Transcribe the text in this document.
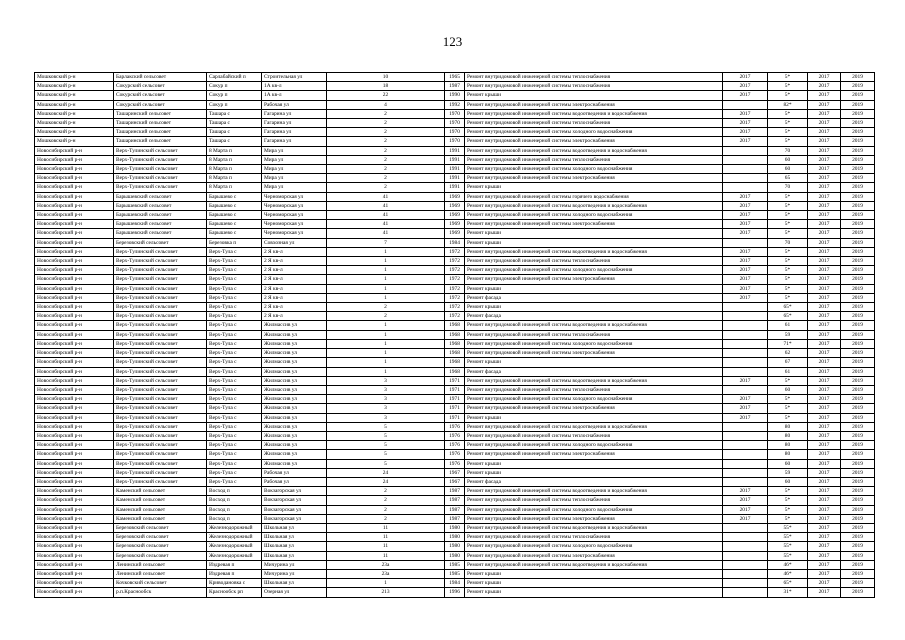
123
Мошковский р-н	Барлакский сельсовет	Сарлабайский п	Строительная ул	10	1965	Ремонт внутридомовой инженерной системы теплоснабжения	2017	5*	2017	2019
Мошковский р-н	Сокурский сельсовет	Сокур п	1А кв-л	18	1987	Ремонт внутридомовой инженерной системы теплоснабжения	2017	5*	2017	2019
Мошковский р-н	Сокурский сельсовет	Сокур п	1А кв-л	22	1990	Ремонт крыши	2017	5*	2017	2019
Мошковский р-н	Сокурский сельсовет	Сокур п	Рабочая ул	4	1992	Ремонт внутридомовой инженерной системы электроснабжения		82*	2017	2019
Мошковский р-н	Ташаринский сельсовет	Ташара с	Гагарина ул	2	1970	Ремонт внутридомовой инженерной системы водоотведения и водоснабжения	2017	5*	2017	2019
Мошковский р-н	Ташаринский сельсовет	Ташара с	Гагарина ул	2	1970	Ремонт внутридомовой инженерной системы теплоснабжения	2017	5*	2017	2019
Мошковский р-н	Ташаринский сельсовет	Ташара с	Гагарина ул	2	1970	Ремонт внутридомовой инженерной системы холодного водоснабжения	2017	5*	2017	2019
Мошковский р-н	Ташаринский сельсовет	Ташара с	Гагарина ул	2	1970	Ремонт внутридомовой инженерной системы электроснабжения	2017	5*	2017	2019
Новосибирский р-н	Верх-Тулинский сельсовет	8 Марта п	Мира ул	2	1991	Ремонт внутридомовой инженерной системы водоотведения и водоснабжения		70	2017	2019
Новосибирский р-н	Верх-Тулинский сельсовет	8 Марта п	Мира ул	2	1991	Ремонт внутридомовой инженерной системы теплоснабжения		60	2017	2019
Новосибирский р-н	Верх-Тулинский сельсовет	8 Марта п	Мира ул	2	1991	Ремонт внутридомовой инженерной системы холодного водоснабжения		60	2017	2019
Новосибирский р-н	Верх-Тулинский сельсовет	8 Марта п	Мира ул	2	1991	Ремонт внутридомовой инженерной системы электроснабжения		65	2017	2019
Новосибирский р-н	Верх-Тулинский сельсовет	8 Марта п	Мира ул	2	1991	Ремонт крыши		70	2017	2019
Новосибирский р-н	Барышевский сельсовет	Барышево с	Черноморская ул	41	1969	Ремонт внутридомовой инженерной системы горячего водоснабжения	2017	5*	2017	2019
Новосибирский р-н	Барышевский сельсовет	Барышево с	Черноморская ул	41	1969	Ремонт внутридомовой инженерной системы водоотведения и водоснабжения	2017	5*	2017	2019
Новосибирский р-н	Барышевский сельсовет	Барышево с	Черноморская ул	41	1969	Ремонт внутридомовой инженерной системы холодного водоснабжения	2017	5*	2017	2019
Новосибирский р-н	Барышевский сельсовет	Барышево с	Черноморская ул	41	1969	Ремонт внутридомовой инженерной системы электроснабжения	2017	5*	2017	2019
Новосибирский р-н	Барышевский сельсовет	Барышево с	Черноморская ул	41	1969	Ремонт крыши	2017	5*	2017	2019
Новосибирский р-н	Березовский сельсовет	Березовка п	Совхозная ул	7	1984	Ремонт крыши		70	2017	2019
Новосибирский р-н	Верх-Тулинский сельсовет	Верх-Тула с	2 Я кв-л	1	1972	Ремонт внутридомовой инженерной системы водоотведения и водоснабжения	2017	5*	2017	2019
Новосибирский р-н	Верх-Тулинский сельсовет	Верх-Тула с	2 Я кв-л	1	1972	Ремонт внутридомовой инженерной системы теплоснабжения	2017	5*	2017	2019
Новосибирский р-н	Верх-Тулинский сельсовет	Верх-Тула с	2 Я кв-л	1	1972	Ремонт внутридомовой инженерной системы холодного водоснабжения	2017	5*	2017	2019
Новосибирский р-н	Верх-Тулинский сельсовет	Верх-Тула с	2 Я кв-л	1	1972	Ремонт внутридомовой инженерной системы электроснабжения	2017	5*	2017	2019
Новосибирский р-н	Верх-Тулинский сельсовет	Верх-Тула с	2 Я кв-л	1	1972	Ремонт крыши	2017	5*	2017	2019
Новосибирский р-н	Верх-Тулинский сельсовет	Верх-Тула с	2 Я кв-л	1	1972	Ремонт фасада	2017	5*	2017	2019
Новосибирский р-н	Верх-Тулинский сельсовет	Верх-Тула с	2 Я кв-л	2	1972	Ремонт крыши		65*	2017	2019
Новосибирский р-н	Верх-Тулинский сельсовет	Верх-Тула с	2 Я кв-л	2	1972	Ремонт фасада		65*	2017	2019
Новосибирский р-н	Верх-Тулинский сельсовет	Верх-Тула с	Жилмассив ул	1	1968	Ремонт внутридомовой инженерной системы водоотведения и водоснабжения		61	2017	2019
Новосибирский р-н	Верх-Тулинский сельсовет	Верх-Тула с	Жилмассив ул	1	1968	Ремонт внутридомовой инженерной системы теплоснабжения		59	2017	2019
Новосибирский р-н	Верх-Тулинский сельсовет	Верх-Тула с	Жилмассив ул	1	1968	Ремонт внутридомовой инженерной системы холодного водоснабжения		71*	2017	2019
Новосибирский р-н	Верх-Тулинский сельсовет	Верх-Тула с	Жилмассив ул	1	1968	Ремонт внутридомовой инженерной системы электроснабжения		62	2017	2019
Новосибирский р-н	Верх-Тулинский сельсовет	Верх-Тула с	Жилмассив ул	1	1968	Ремонт крыши		67	2017	2019
Новосибирский р-н	Верх-Тулинский сельсовет	Верх-Тула с	Жилмассив ул	1	1968	Ремонт фасада		61	2017	2019
Новосибирский р-н	Верх-Тулинский сельсовет	Верх-Тула с	Жилмассив ул	3	1971	Ремонт внутридомовой инженерной системы водоотведения и водоснабжения	2017	5*	2017	2019
Новосибирский р-н	Верх-Тулинский сельсовет	Верх-Тула с	Жилмассив ул	3	1971	Ремонт внутридомовой инженерной системы теплоснабжения		60	2017	2019
Новосибирский р-н	Верх-Тулинский сельсовет	Верх-Тула с	Жилмассив ул	3	1971	Ремонт внутридомовой инженерной системы холодного водоснабжения	2017	5*	2017	2019
Новосибирский р-н	Верх-Тулинский сельсовет	Верх-Тула с	Жилмассив ул	3	1971	Ремонт внутридомовой инженерной системы электроснабжения	2017	5*	2017	2019
Новосибирский р-н	Верх-Тулинский сельсовет	Верх-Тула с	Жилмассив ул	3	1971	Ремонт крыши	2017	5*	2017	2019
Новосибирский р-н	Верх-Тулинский сельсовет	Верх-Тула с	Жилмассив ул	5	1976	Ремонт внутридомовой инженерной системы водоотведения и водоснабжения		80	2017	2019
Новосибирский р-н	Верх-Тулинский сельсовет	Верх-Тула с	Жилмассив ул	5	1976	Ремонт внутридомовой инженерной системы теплоснабжения		80	2017	2019
Новосибирский р-н	Верх-Тулинский сельсовет	Верх-Тула с	Жилмассив ул	5	1976	Ремонт внутридомовой инженерной системы холодного водоснабжения		80	2017	2019
Новосибирский р-н	Верх-Тулинский сельсовет	Верх-Тула с	Жилмассив ул	5	1976	Ремонт внутридомовой инженерной системы электроснабжения		80	2017	2019
Новосибирский р-н	Верх-Тулинский сельсовет	Верх-Тула с	Жилмассив ул	5	1976	Ремонт крыши		60	2017	2019
Новосибирский р-н	Верх-Тулинский сельсовет	Верх-Тула с	Рабочая ул	24	1967	Ремонт крыши		59	2017	2019
Новосибирский р-н	Верх-Тулинский сельсовет	Верх-Тула с	Рабочая ул	24	1967	Ремонт фасада		60	2017	2019
Новосибирский р-н	Каменский сельсовет	Восход п	Вокзагорская ул	2	1987	Ремонт внутридомовой инженерной системы водоотведения и водоснабжения	2017	5*	2017	2019
Новосибирский р-н	Каменский сельсовет	Восход п	Вокзагорская ул	2	1987	Ремонт внутридомовой инженерной системы теплоснабжения	2017	5*	2017	2019
Новосибирский р-н	Каменский сельсовет	Восход п	Вокзагорская ул	2	1987	Ремонт внутридомовой инженерной системы холодного водоснабжения	2017	5*	2017	2019
Новосибирский р-н	Каменский сельсовет	Восход п	Вокзагорская ул	2	1987	Ремонт внутридомовой инженерной системы электроснабжения	2017	5*	2017	2019
Новосибирский р-н	Березовский сельсовет	Железнодорожный	Школьная ул	11	1980	Ремонт внутридомовой инженерной системы водоотведения и водоснабжения		55*	2017	2019
Новосибирский р-н	Березовский сельсовет	Железнодорожный	Школьная ул	11	1980	Ремонт внутридомовой инженерной системы теплоснабжения		55*	2017	2019
Новосибирский р-н	Березовский сельсовет	Железнодорожный	Школьная ул	11	1980	Ремонт внутридомовой инженерной системы холодного водоснабжения		55*	2017	2019
Новосибирский р-н	Березовский сельсовет	Железнодорожный	Школьная ул	11	1980	Ремонт внутридомовой инженерной системы электроснабжения		55*	2017	2019
Новосибирский р-н	Ленинский сельсовет	Издревая п	Мичурина ул	23а	1985	Ремонт внутридомовой инженерной системы водоотведения и водоснабжения		46*	2017	2019
Новосибирский р-н	Ленинский сельсовет	Издревая п	Мичурина ул	23а	1985	Ремонт крыши		46*	2017	2019
Новосибирский р-н	Кочковский сельсовет	Криводановка с	Школьная ул	1	1984	Ремонт крыши		65*	2017	2019
Новосибирский р-н	р.п.Краснообск	Краснообск рп	Озерная ул	213	1996	Ремонт крыши		31*	2017	2019
